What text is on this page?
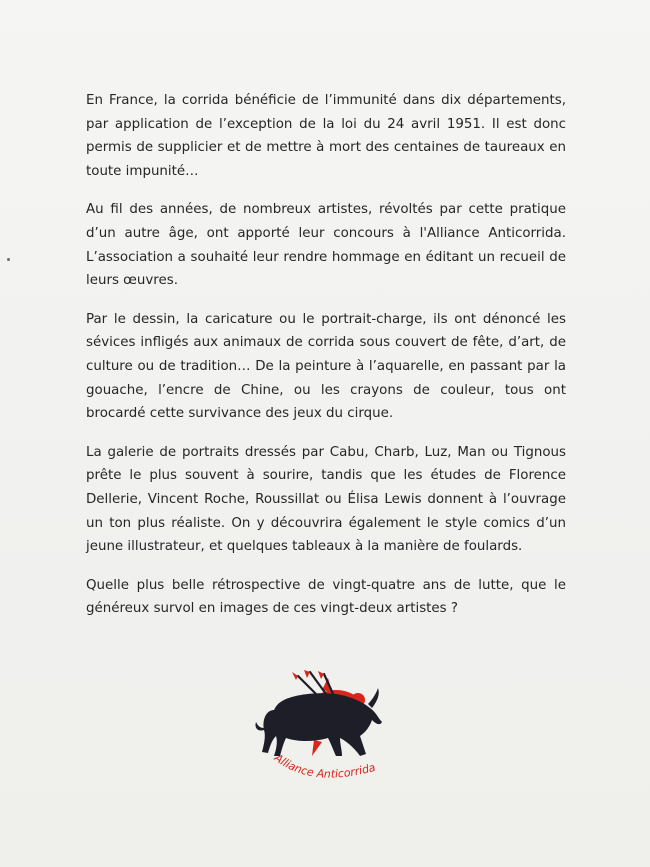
En France, la corrida bénéficie de l’immunité dans dix départements, par application de l’exception de la loi du 24 avril 1951. Il est donc permis de supplicier et de mettre à mort des centaines de taureaux en toute impunité…

Au fil des années, de nombreux artistes, révoltés par cette pratique d’un autre âge, ont apporté leur concours à l'Alliance Anticorrida. L’association a souhaité leur rendre hommage en éditant un recueil de leurs œuvres.

Par le dessin, la caricature ou le portrait-charge, ils ont dénoncé les sévices infligés aux animaux de corrida sous couvert de fête, d’art, de culture ou de tradition… De la peinture à l’aquarelle, en passant par la gouache, l’encre de Chine, ou les crayons de couleur, tous ont brocardé cette survivance des jeux du cirque.

La galerie de portraits dressés par Cabu, Charb, Luz, Man ou Tignous prête le plus souvent à sourire, tandis que les études de Florence Dellerie, Vincent Roche, Roussillat ou Élisa Lewis donnent à l’ouvrage un ton plus réaliste. On y découvrira également le style comics d’un jeune illustrateur, et quelques tableaux à la manière de foulards.

Quelle plus belle rétrospective de vingt-quatre ans de lutte, que le généreux survol en images de ces vingt-deux artistes ?

Alliance Anticorrida
